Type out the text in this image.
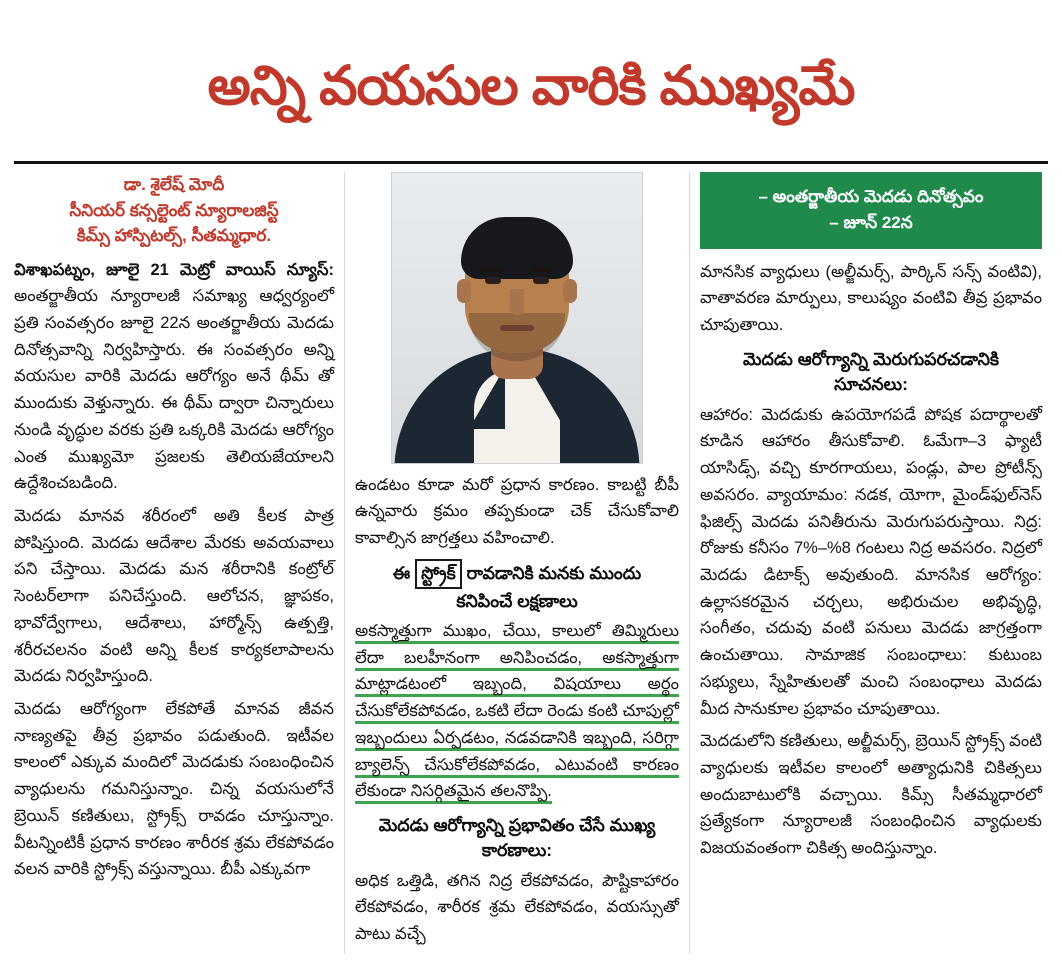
అన్ని వయసుల వారికి ముఖ్యమే
డా. శైలేష్ మోదీ
సీనియర్ కన్సల్టెంట్ న్యూరాలజిస్ట్
కిమ్స్ హాస్పిటల్స్, సీతమ్మధార.

విశాఖపట్నం, జూలై 21 మెట్రో వాయిస్ న్యూస్: అంతర్జాతీయ న్యూరాలజీ సమాఖ్య ఆధ్వర్యంలో ప్రతి సంవత్సరం జూలై 22న అంతర్జాతీయ మెదడు దినోత్సవాన్ని నిర్వహిస్తారు. ఈ సంవత్సరం అన్ని వయసుల వారికి మెదడు ఆరోగ్యం అనే థీమ్ తో ముందుకు వెళ్తున్నారు. ఈ థీమ్ ద్వారా చిన్నారులు నుండి వృద్ధుల వరకు ప్రతి ఒక్కరికి మెదడు ఆరోగ్యం ఎంత ముఖ్యమో ప్రజలకు తెలియజేయాలని ఉద్దేశించబడింది.

మెదడు మానవ శరీరంలో అతి కీలక పాత్ర పోషిస్తుంది. మెదడు ఆదేశాల మేరకు అవయవాలు పని చేస్తాయి. మెదడు మన శరీరానికి కంట్రోల్ సెంటర్‌లాగా పనిచేస్తుంది. ఆలోచన, జ్ఞాపకం, భావోద్వేగాలు, ఆదేశాలు, హార్మోన్స్ ఉత్పత్తి, శరీరచలనం వంటి అన్ని కీలక కార్యకలాపాలను మెదడు నిర్వహిస్తుంది.

మెదడు ఆరోగ్యంగా లేకపోతే మానవ జీవన నాణ్యతపై తీవ్ర ప్రభావం పడుతుంది. ఇటీవల కాలంలో ఎక్కువ మందిలో మెదడుకు సంబంధించిన వ్యాధులను గమనిస్తున్నాం. చిన్న వయసులోనే బ్రెయిన్ కణితులు, స్ట్రోక్స్ రావడం చూస్తున్నాం. వీటన్నింటికీ ప్రధాన కారణం శారీరక శ్రమ లేకపోవడం వలన వారికి స్ట్రోక్స్ వస్తున్నాయి. బీపీ ఎక్కువగా

ఉండటం కూడా మరో ప్రధాన కారణం. కాబట్టి బీపీ ఉన్నవారు క్రమం తప్పకుండా చెక్ చేసుకోవాలి కావాల్సిన జాగ్రత్తలు వహించాలి.

ఈ స్ట్రోక్ రావడానికి మనకు ముందు
కనిపించే లక్షణాలు

అకస్మాత్తుగా ముఖం, చేయి, కాలులో తిమ్మిరులు లేదా బలహీనంగా అనిపించడం, అకస్మాత్తుగా మాట్లాడటంలో ఇబ్బంది, విషయాలు అర్థం చేసుకోలేకపోవడం, ఒకటి లేదా రెండు కంటి చూపుల్లో ఇబ్బందులు ఏర్పడటం, నడవడానికి ఇబ్బంది, సరిగ్గా బ్యాలెన్స్ చేసుకోలేకపోవడం, ఎటువంటి కారణం లేకుండా నిసర్గితమైన తలనొప్పి.

మెదడు ఆరోగ్యాన్ని ప్రభావితం చేసే ముఖ్య
కారణాలు:

అధిక ఒత్తిడి, తగిన నిద్ర లేకపోవడం, పౌష్టికాహారం లేకపోవడం, శారీరక శ్రమ లేకపోవడం, వయస్సుతో పాటు వచ్చే

– అంతర్జాతీయ మెదడు దినోత్సవం
– జూన్ 22న

మానసిక వ్యాధులు (అల్జీమర్స్, పార్కిన్ సన్స్ వంటివి), వాతావరణ మార్పులు, కాలుష్యం వంటివి తీవ్ర ప్రభావం చూపుతాయి.

మెదడు ఆరోగ్యాన్ని మెరుగుపరచడానికి
సూచనలు:

ఆహారం: మెదడుకు ఉపయోగపడే పోషక పదార్థాలతో కూడిన ఆహారం తీసుకోవాలి. ఓమేగా–3 ఫ్యాటీ యాసిడ్స్, వచ్చి కూరగాయలు, పండ్లు, పాల ప్రోటీన్స్ అవసరం. వ్యాయామం: నడక, యోగా, మైండ్‌ఫుల్‌నెస్ ఫిజిల్స్ మెదడు పనితీరును మెరుగుపరుస్తాయి. నిద్ర: రోజుకు కనీసం 7%–%8 గంటలు నిద్ర అవసరం. నిద్రలో మెదడు డిటాక్స్ అవుతుంది. మానసిక ఆరోగ్యం: ఉల్లాసకరమైన చర్చలు, అభిరుచుల అభివృద్ధి, సంగీతం, చదువు వంటి పనులు మెదడు జాగ్రత్తంగా ఉంచుతాయి. సామాజిక సంబంధాలు: కుటుంబ సభ్యులు, స్నేహితులతో మంచి సంబంధాలు మెదడు మీద సానుకూల ప్రభావం చూపుతాయి.

మెదడులోని కణితులు, అల్జీమర్స్, బ్రెయిన్ స్ట్రోక్స్ వంటి వ్యాధులకు ఇటీవల కాలంలో అత్యాధునికి చికిత్సలు అందుబాటులోకి వచ్చాయి. కిమ్స్ సీతమ్మధారలో ప్రత్యేకంగా న్యూరాలజీ సంబంధించిన వ్యాధులకు విజయవంతంగా చికిత్స అందిస్తున్నాం.
